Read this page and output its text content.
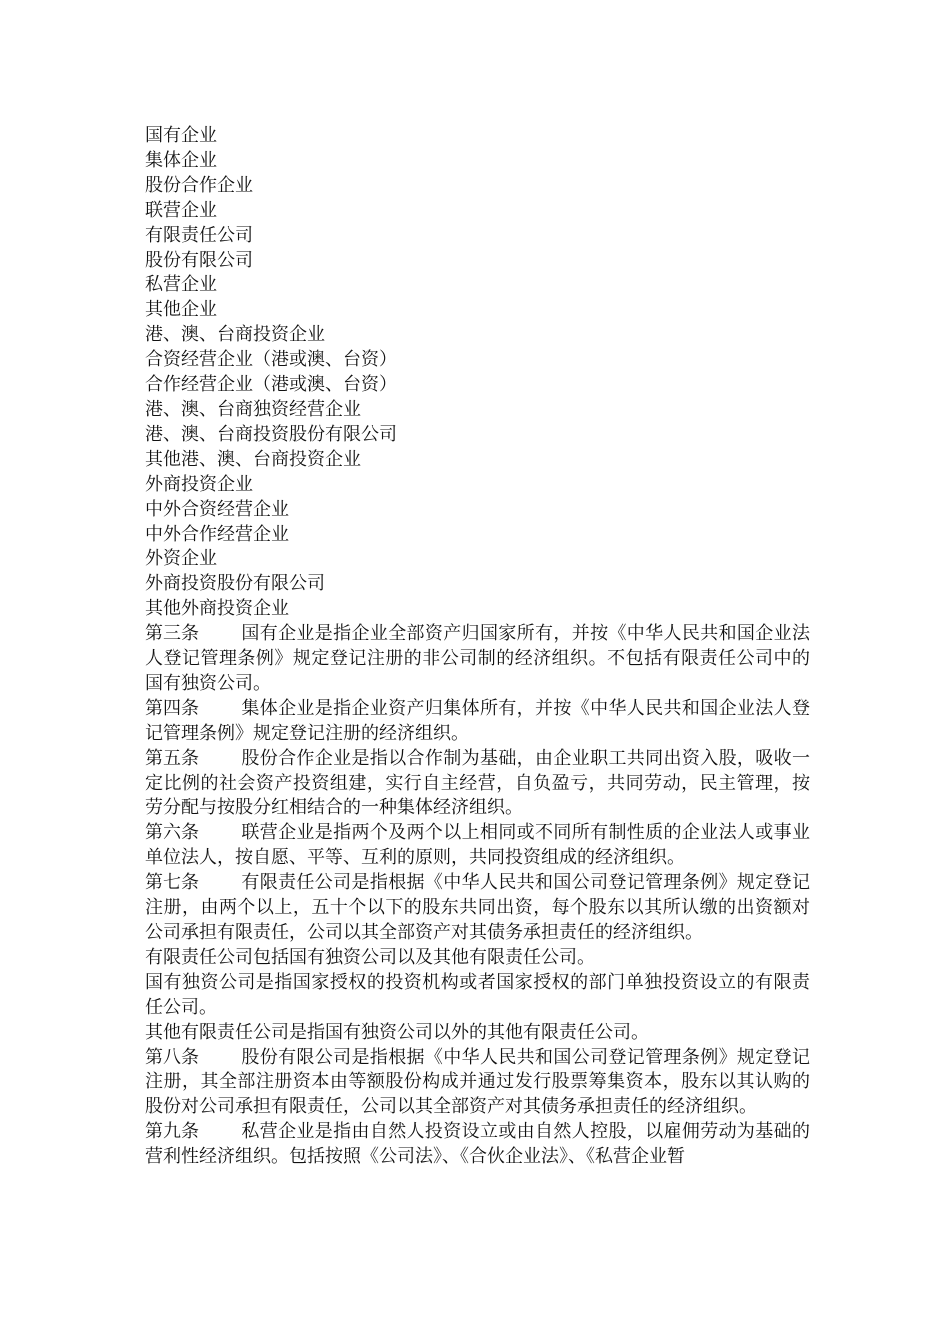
国有企业
集体企业
股份合作企业
联营企业
有限责任公司
股份有限公司
私营企业
其他企业
港、澳、台商投资企业
合资经营企业（港或澳、台资）
合作经营企业（港或澳、台资）
港、澳、台商独资经营企业
港、澳、台商投资股份有限公司
其他港、澳、台商投资企业
外商投资企业
中外合资经营企业
中外合作经营企业
外资企业
外商投资股份有限公司
其他外商投资企业
第三条 国有企业是指企业全部资产归国家所有，并按《中华人民共和国企业法人登记管理条例》规定登记注册的非公司制的经济组织。不包括有限责任公司中的国有独资公司。
第四条 集体企业是指企业资产归集体所有，并按《中华人民共和国企业法人登记管理条例》规定登记注册的经济组织。
第五条 股份合作企业是指以合作制为基础，由企业职工共同出资入股，吸收一定比例的社会资产投资组建，实行自主经营，自负盈亏，共同劳动，民主管理，按劳分配与按股分红相结合的一种集体经济组织。
第六条 联营企业是指两个及两个以上相同或不同所有制性质的企业法人或事业单位法人，按自愿、平等、互利的原则，共同投资组成的经济组织。
第七条 有限责任公司是指根据《中华人民共和国公司登记管理条例》规定登记注册，由两个以上，五十个以下的股东共同出资，每个股东以其所认缴的出资额对公司承担有限责任，公司以其全部资产对其债务承担责任的经济组织。
有限责任公司包括国有独资公司以及其他有限责任公司。
国有独资公司是指国家授权的投资机构或者国家授权的部门单独投资设立的有限责任公司。
其他有限责任公司是指国有独资公司以外的其他有限责任公司。
第八条 股份有限公司是指根据《中华人民共和国公司登记管理条例》规定登记注册，其全部注册资本由等额股份构成并通过发行股票筹集资本，股东以其认购的股份对公司承担有限责任，公司以其全部资产对其债务承担责任的经济组织。
第九条 私营企业是指由自然人投资设立或由自然人控股，以雇佣劳动为基础的营利性经济组织。包括按照《公司法》、《合伙企业法》、《私营企业暂
